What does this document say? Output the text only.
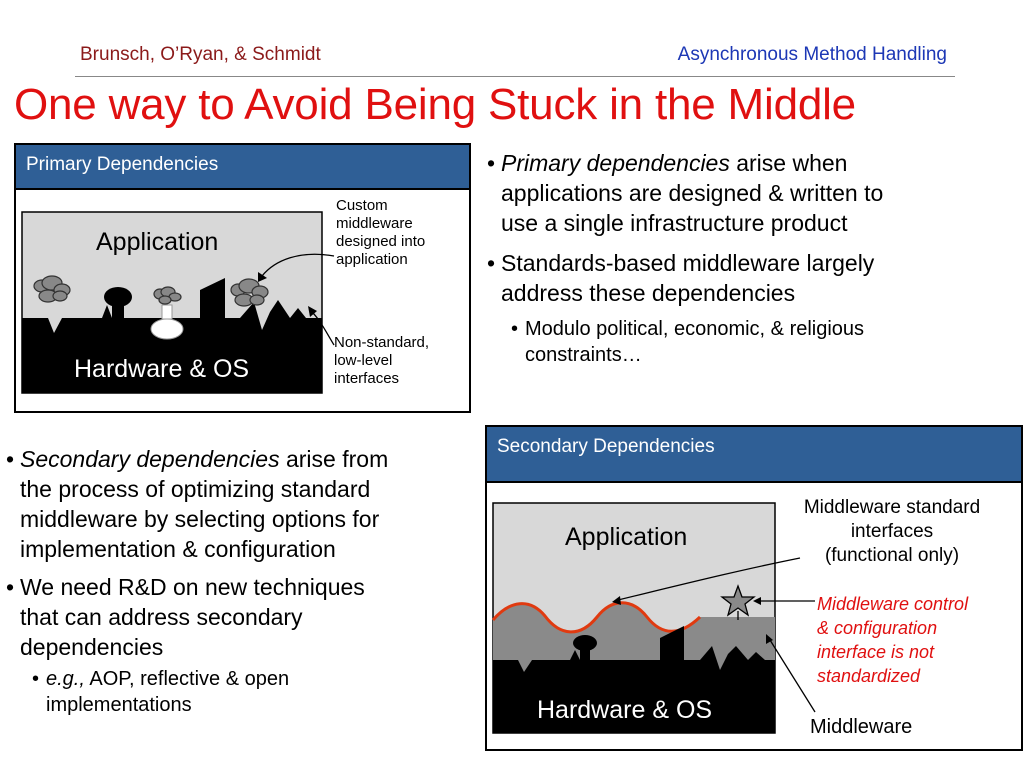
Brunsch, O’Ryan, & Schmidt	Asynchronous Method Handling
One way to Avoid Being Stuck in the Middle
Primary Dependencies
Application
Hardware & OS
Custom
middleware
designed into
application
Non-standard,
low-level
interfaces
• Primary dependencies arise when
applications are designed & written to
use a single infrastructure product
• Standards-based middleware largely
address these dependencies
• Modulo political, economic, & religious
constraints…
• Secondary dependencies arise from
the process of optimizing standard
middleware by selecting options for
implementation & configuration
• We need R&D on new techniques
that can address secondary
dependencies
• e.g., AOP, reflective & open
implementations
Secondary Dependencies
Application
Hardware & OS
Middleware standard
interfaces
(functional only)
Middleware control
& configuration
interface is not
standardized
Middleware
